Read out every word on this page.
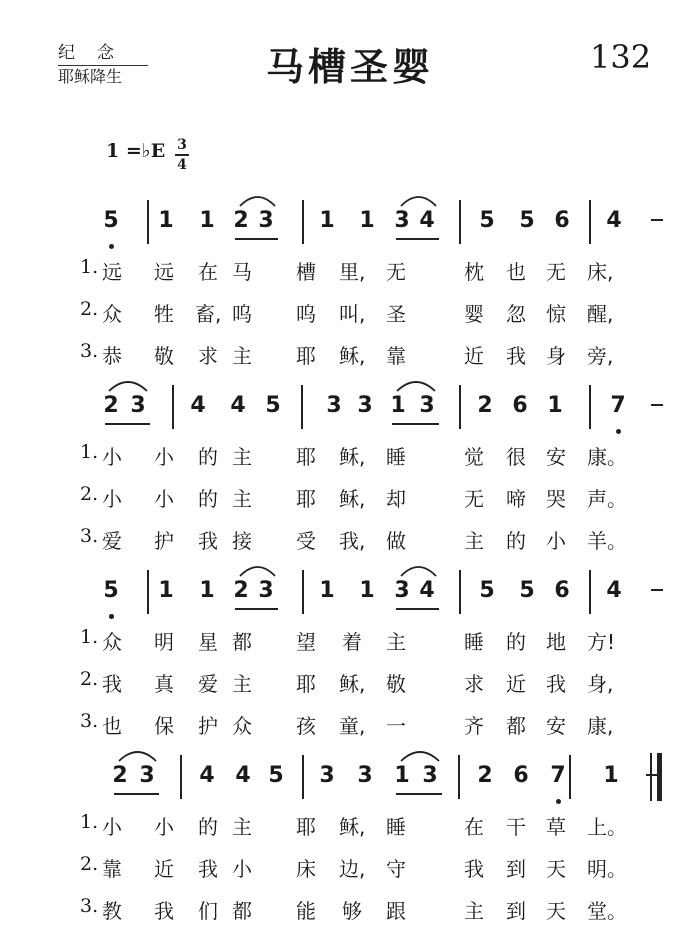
纪念
耶稣降生	马槽圣婴	132
1 =♭E 3
4
5 1 1 2 3 1 1 3 4 5 5 6 4
1. 远 远 在 马 槽 里, 无	枕 也 无 床,
2. 众 牲 畜, 呜 呜 叫, 圣	婴 忽 惊 醒,
3. 恭 敬 求 主 耶 稣, 靠	近 我 身 旁,
2 3 4 4 5 3 3 1 3 2 6 1 7
1. 小 小 的 主 耶 稣, 睡	觉 很 安 康。
2. 小 小 的 主 耶 稣, 却	无 啼 哭 声。
3. 爱 护 我 接 受 我, 做	主 的 小 羊。
5 1 1 2 3 1 1 3 4 5 5 6 4
1. 众 明 星 都 望 着 主	睡 的 地 方!
2. 我 真 爱 主 耶 稣, 敬	求 近 我 身,
3. 也 保 护 众 孩 童, 一	齐 都 安 康,
2 3 4 4 5 3 3 1 3 2 6 7 1
1. 小 小 的 主 耶 稣, 睡	在 干 草 上。
2. 靠 近 我 小 床 边, 守	我 到 天 明。
3. 教 我 们 都 能 够 跟	主 到 天 堂。
